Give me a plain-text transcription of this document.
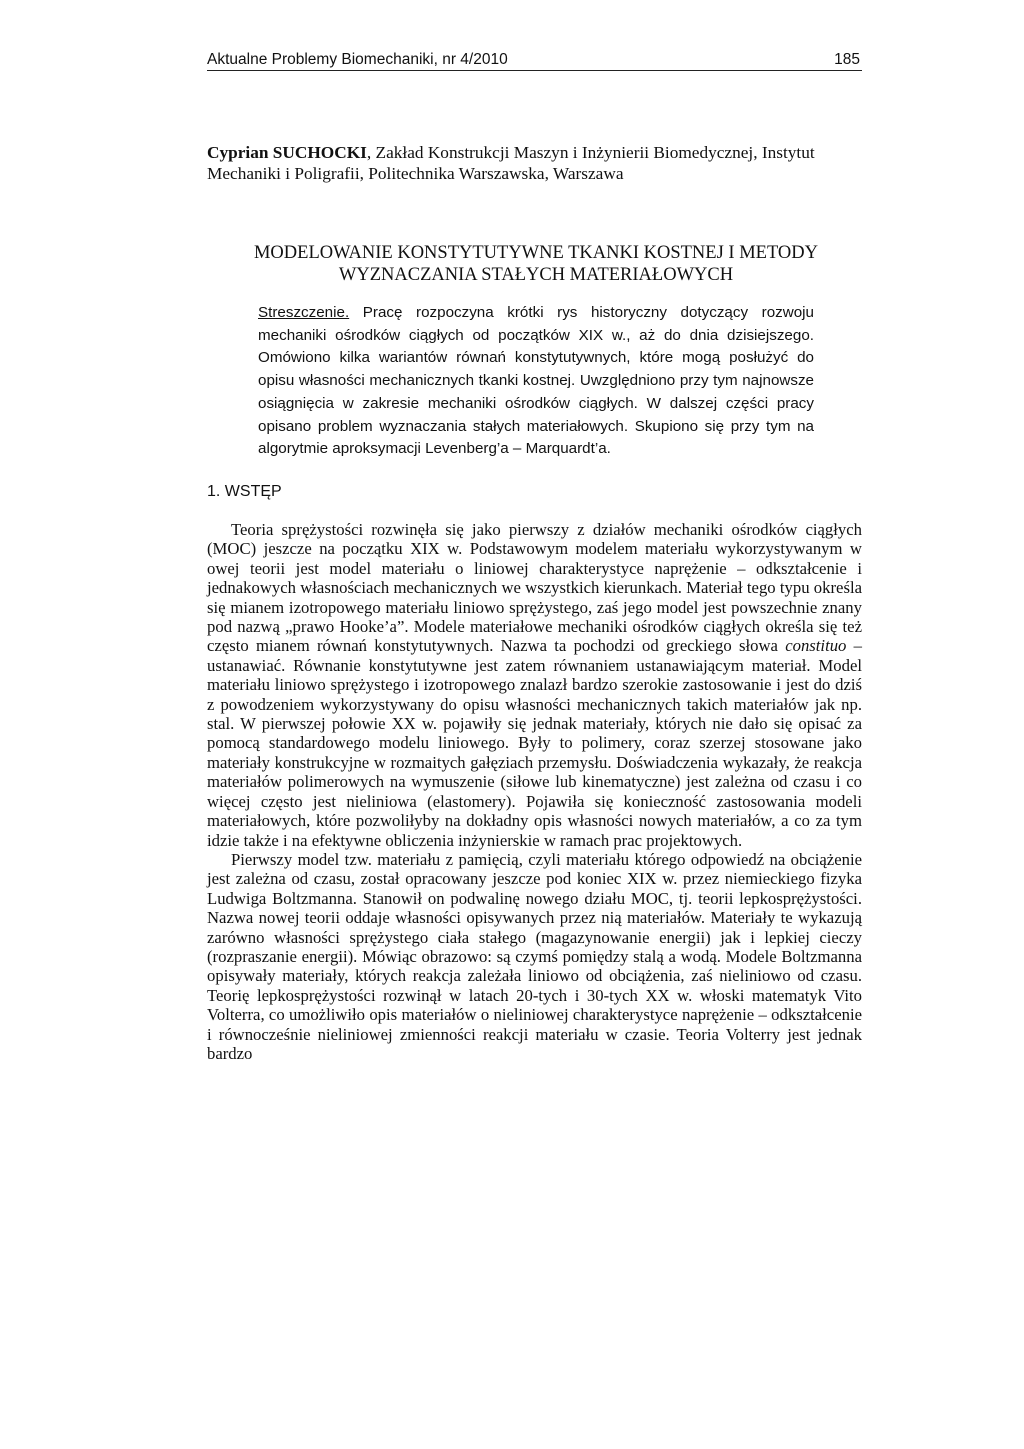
Aktualne Problemy Biomechaniki, nr 4/2010	185
Cyprian SUCHOCKI, Zakład Konstrukcji Maszyn i Inżynierii Biomedycznej, Instytut Mechaniki i Poligrafii, Politechnika Warszawska, Warszawa
MODELOWANIE KONSTYTUTYWNE TKANKI KOSTNEJ I METODY
WYZNACZANIA STAŁYCH MATERIAŁOWYCH
Streszczenie. Pracę rozpoczyna krótki rys historyczny dotyczący rozwoju mechaniki ośrodków ciągłych od początków XIX w., aż do dnia dzisiejszego. Omówiono kilka wariantów równań konstytutywnych, które mogą posłużyć do opisu własności mechanicznych tkanki kostnej. Uwzględniono przy tym najnowsze osiągnięcia w zakresie mechaniki ośrodków ciągłych. W dalszej części pracy opisano problem wyznaczania stałych materiałowych. Skupiono się przy tym na algorytmie aproksymacji Levenberg’a – Marquardt’a.
1. WSTĘP

Teoria sprężystości rozwinęła się jako pierwszy z działów mechaniki ośrodków ciągłych (MOC) jeszcze na początku XIX w. Podstawowym modelem materiału wykorzystywanym w owej teorii jest model materiału o liniowej charakterystyce naprężenie – odkształcenie i jednakowych własnościach mechanicznych we wszystkich kierunkach. Materiał tego typu określa się mianem izotropowego materiału liniowo sprężystego, zaś jego model jest powszechnie znany pod nazwą „prawo Hooke’a”. Modele materiałowe mechaniki ośrodków ciągłych określa się też często mianem równań konstytutywnych. Nazwa ta pochodzi od greckiego słowa constituo – ustanawiać. Równanie konstytutywne jest zatem równaniem ustanawiającym materiał. Model materiału liniowo sprężystego i izotropowego znalazł bardzo szerokie zastosowanie i jest do dziś z powodzeniem wykorzystywany do opisu własności mechanicznych takich materiałów jak np. stal. W pierwszej połowie XX w. pojawiły się jednak materiały, których nie dało się opisać za pomocą standardowego modelu liniowego. Były to polimery, coraz szerzej stosowane jako materiały konstrukcyjne w rozmaitych gałęziach przemysłu. Doświadczenia wykazały, że reakcja materiałów polimerowych na wymuszenie (siłowe lub kinematyczne) jest zależna od czasu i co więcej często jest nieliniowa (elastomery). Pojawiła się konieczność zastosowania modeli materiałowych, które pozwoliłyby na dokładny opis własności nowych materiałów, a co za tym idzie także i na efektywne obliczenia inżynierskie w ramach prac projektowych.

Pierwszy model tzw. materiału z pamięcią, czyli materiału którego odpowiedź na obciążenie jest zależna od czasu, został opracowany jeszcze pod koniec XIX w. przez niemieckiego fizyka Ludwiga Boltzmanna. Stanowił on podwalinę nowego działu MOC, tj. teorii lepkosprężystości. Nazwa nowej teorii oddaje własności opisywanych przez nią materiałów. Materiały te wykazują zarówno własności sprężystego ciała stałego (magazynowanie energii) jak i lepkiej cieczy (rozpraszanie energii). Mówiąc obrazowo: są czymś pomiędzy stalą a wodą. Modele Boltzmanna opisywały materiały, których reakcja zależała liniowo od obciążenia, zaś nieliniowo od czasu. Teorię lepkosprężystości rozwinął w latach 20-tych i 30-tych XX w. włoski matematyk Vito Volterra, co umożliwiło opis materiałów o nieliniowej charakterystyce naprężenie – odkształcenie i równocześnie nieliniowej zmienności reakcji materiału w czasie. Teoria Volterry jest jednak bardzo
